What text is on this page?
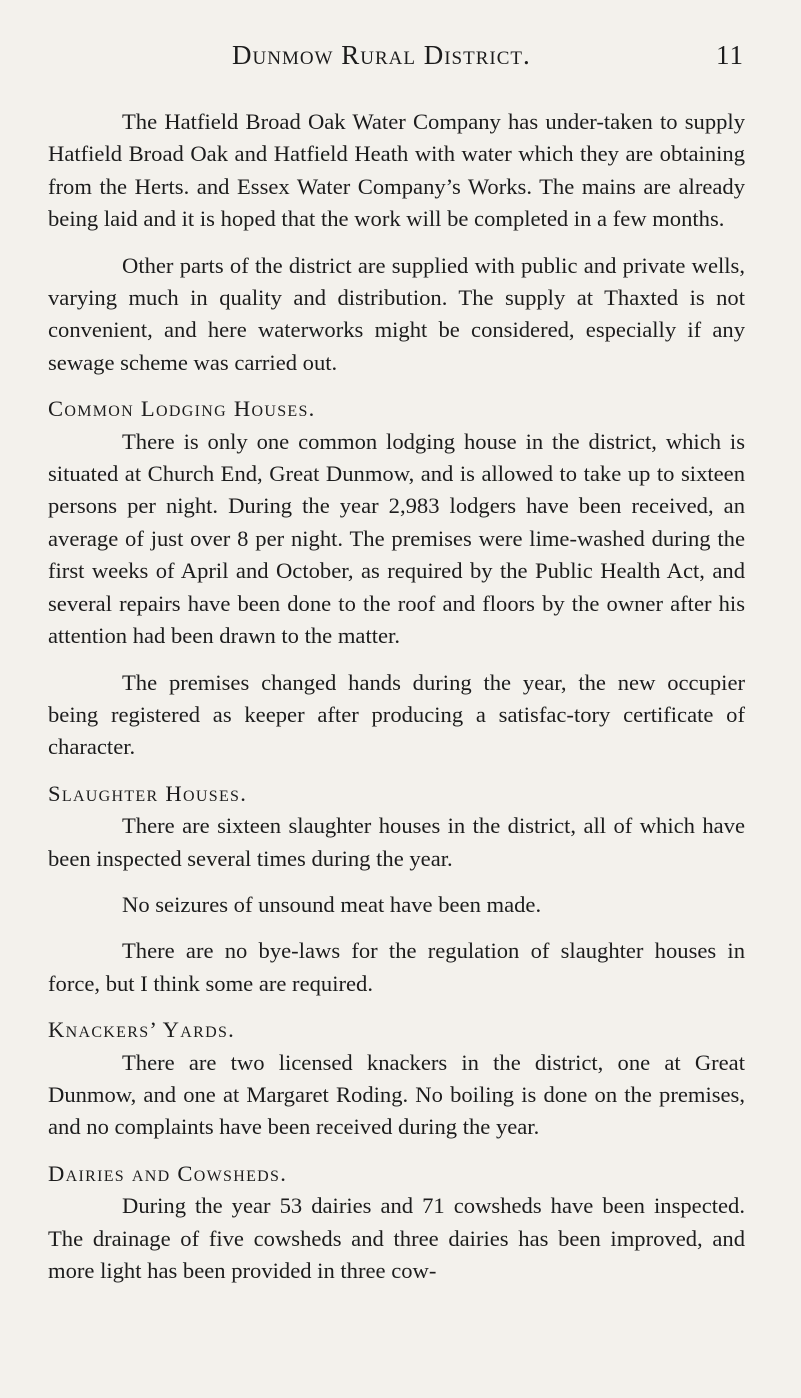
Dunmow Rural District.	11

The Hatfield Broad Oak Water Company has under-taken to supply Hatfield Broad Oak and Hatfield Heath with water which they are obtaining from the Herts. and Essex Water Company’s Works. The mains are already being laid and it is hoped that the work will be completed in a few months.

Other parts of the district are supplied with public and private wells, varying much in quality and distribution. The supply at Thaxted is not convenient, and here waterworks might be considered, especially if any sewage scheme was carried out.

Common Lodging Houses.

There is only one common lodging house in the district, which is situated at Church End, Great Dunmow, and is allowed to take up to sixteen persons per night. During the year 2,983 lodgers have been received, an average of just over 8 per night. The premises were lime-washed during the first weeks of April and October, as required by the Public Health Act, and several repairs have been done to the roof and floors by the owner after his attention had been drawn to the matter.

The premises changed hands during the year, the new occupier being registered as keeper after producing a satisfac-tory certificate of character.

Slaughter Houses.

There are sixteen slaughter houses in the district, all of which have been inspected several times during the year.

No seizures of unsound meat have been made.

There are no bye-laws for the regulation of slaughter houses in force, but I think some are required.

Knackers’ Yards.

There are two licensed knackers in the district, one at Great Dunmow, and one at Margaret Roding. No boiling is done on the premises, and no complaints have been received during the year.

Dairies and Cowsheds.

During the year 53 dairies and 71 cowsheds have been inspected. The drainage of five cowsheds and three dairies has been improved, and more light has been provided in three cow-
